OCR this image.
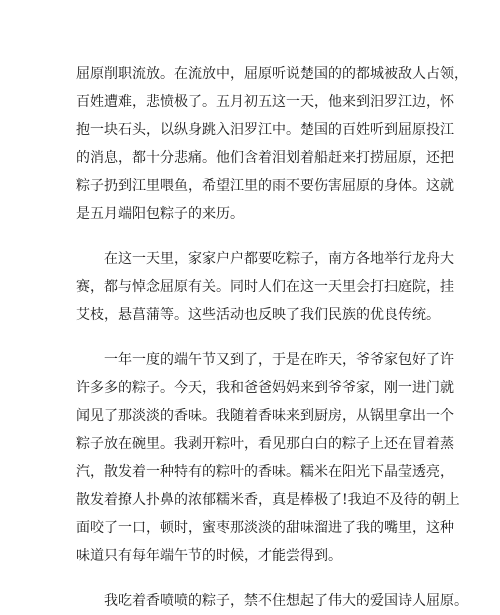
屈原削职流放。在流放中，屈原听说楚国的的都城被敌人占领，
百姓遭难，悲愤极了。五月初五这一天，他来到汨罗江边，怀
抱一块石头，以纵身跳入汨罗江中。楚国的百姓听到屈原投江
的消息，都十分悲痛。他们含着泪划着船赶来打捞屈原，还把
粽子扔到江里喂鱼，希望江里的雨不要伤害屈原的身体。这就
是五月端阳包粽子的来历。
　　在这一天里，家家户户都要吃粽子，南方各地举行龙舟大
赛，都与悼念屈原有关。同时人们在这一天里会打扫庭院，挂
艾枝，悬菖蒲等。这些活动也反映了我们民族的优良传统。
　　一年一度的端午节又到了，于是在昨天，爷爷家包好了许
许多多的粽子。今天，我和爸爸妈妈来到爷爷家，刚一进门就
闻见了那淡淡的香味。我随着香味来到厨房，从锅里拿出一个
粽子放在碗里。我剥开粽叶，看见那白白的粽子上还在冒着蒸
汽，散发着一种特有的粽叶的香味。糯米在阳光下晶莹透亮，
散发着撩人扑鼻的浓郁糯米香，真是棒极了!我迫不及待的朝上
面咬了一口，顿时，蜜枣那淡淡的甜味溜进了我的嘴里，这种
味道只有每年端午节的时候，才能尝得到。
　　我吃着香喷喷的粽子，禁不住想起了伟大的爱国诗人屈原。
